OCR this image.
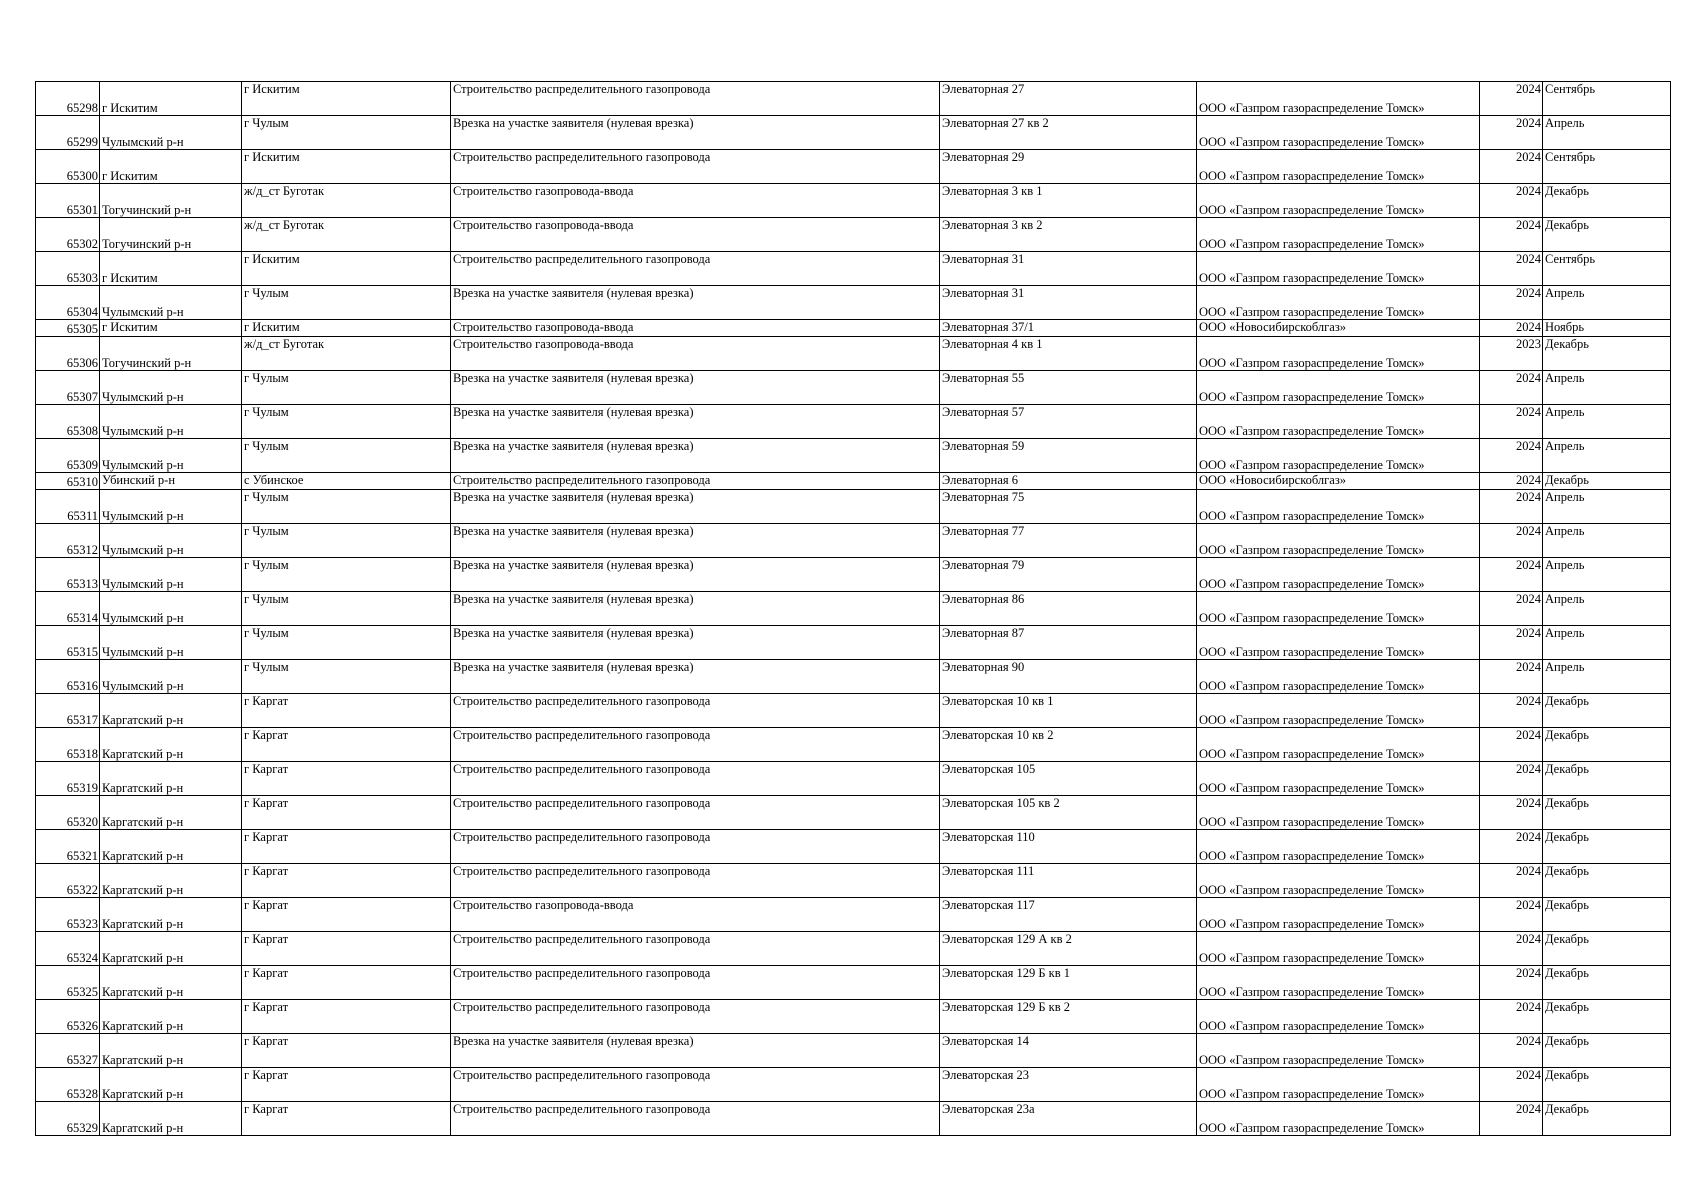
65298	г Искитим	г Искитим	Строительство распределительного газопровода	Элеваторная 27	ООО «Газпром газораспределение Томск»	2024	Сентябрь
65299	Чулымский р-н	г Чулым	Врезка на участке заявителя (нулевая врезка)	Элеваторная 27 кв 2	ООО «Газпром газораспределение Томск»	2024	Апрель
65300	г Искитим	г Искитим	Строительство распределительного газопровода	Элеваторная 29	ООО «Газпром газораспределение Томск»	2024	Сентябрь
65301	Тогучинский р-н	ж/д_ст Буготак	Строительство газопровода-ввода	Элеваторная 3 кв 1	ООО «Газпром газораспределение Томск»	2024	Декабрь
65302	Тогучинский р-н	ж/д_ст Буготак	Строительство газопровода-ввода	Элеваторная 3 кв 2	ООО «Газпром газораспределение Томск»	2024	Декабрь
65303	г Искитим	г Искитим	Строительство распределительного газопровода	Элеваторная 31	ООО «Газпром газораспределение Томск»	2024	Сентябрь
65304	Чулымский р-н	г Чулым	Врезка на участке заявителя (нулевая врезка)	Элеваторная 31	ООО «Газпром газораспределение Томск»	2024	Апрель
65305	г Искитим	г Искитим	Строительство газопровода-ввода	Элеваторная 37/1	ООО «Новосибирскоблгаз»	2024	Ноябрь
65306	Тогучинский р-н	ж/д_ст Буготак	Строительство газопровода-ввода	Элеваторная 4 кв 1	ООО «Газпром газораспределение Томск»	2023	Декабрь
65307	Чулымский р-н	г Чулым	Врезка на участке заявителя (нулевая врезка)	Элеваторная 55	ООО «Газпром газораспределение Томск»	2024	Апрель
65308	Чулымский р-н	г Чулым	Врезка на участке заявителя (нулевая врезка)	Элеваторная 57	ООО «Газпром газораспределение Томск»	2024	Апрель
65309	Чулымский р-н	г Чулым	Врезка на участке заявителя (нулевая врезка)	Элеваторная 59	ООО «Газпром газораспределение Томск»	2024	Апрель
65310	Убинский р-н	с Убинское	Строительство распределительного газопровода	Элеваторная 6	ООО «Новосибирскоблгаз»	2024	Декабрь
65311	Чулымский р-н	г Чулым	Врезка на участке заявителя (нулевая врезка)	Элеваторная 75	ООО «Газпром газораспределение Томск»	2024	Апрель
65312	Чулымский р-н	г Чулым	Врезка на участке заявителя (нулевая врезка)	Элеваторная 77	ООО «Газпром газораспределение Томск»	2024	Апрель
65313	Чулымский р-н	г Чулым	Врезка на участке заявителя (нулевая врезка)	Элеваторная 79	ООО «Газпром газораспределение Томск»	2024	Апрель
65314	Чулымский р-н	г Чулым	Врезка на участке заявителя (нулевая врезка)	Элеваторная 86	ООО «Газпром газораспределение Томск»	2024	Апрель
65315	Чулымский р-н	г Чулым	Врезка на участке заявителя (нулевая врезка)	Элеваторная 87	ООО «Газпром газораспределение Томск»	2024	Апрель
65316	Чулымский р-н	г Чулым	Врезка на участке заявителя (нулевая врезка)	Элеваторная 90	ООО «Газпром газораспределение Томск»	2024	Апрель
65317	Каргатский р-н	г Каргат	Строительство распределительного газопровода	Элеваторская 10 кв 1	ООО «Газпром газораспределение Томск»	2024	Декабрь
65318	Каргатский р-н	г Каргат	Строительство распределительного газопровода	Элеваторская 10 кв 2	ООО «Газпром газораспределение Томск»	2024	Декабрь
65319	Каргатский р-н	г Каргат	Строительство распределительного газопровода	Элеваторская 105	ООО «Газпром газораспределение Томск»	2024	Декабрь
65320	Каргатский р-н	г Каргат	Строительство распределительного газопровода	Элеваторская 105 кв 2	ООО «Газпром газораспределение Томск»	2024	Декабрь
65321	Каргатский р-н	г Каргат	Строительство распределительного газопровода	Элеваторская 110	ООО «Газпром газораспределение Томск»	2024	Декабрь
65322	Каргатский р-н	г Каргат	Строительство распределительного газопровода	Элеваторская 111	ООО «Газпром газораспределение Томск»	2024	Декабрь
65323	Каргатский р-н	г Каргат	Строительство газопровода-ввода	Элеваторская 117	ООО «Газпром газораспределение Томск»	2024	Декабрь
65324	Каргатский р-н	г Каргат	Строительство распределительного газопровода	Элеваторская 129 А кв 2	ООО «Газпром газораспределение Томск»	2024	Декабрь
65325	Каргатский р-н	г Каргат	Строительство распределительного газопровода	Элеваторская 129 Б кв 1	ООО «Газпром газораспределение Томск»	2024	Декабрь
65326	Каргатский р-н	г Каргат	Строительство распределительного газопровода	Элеваторская 129 Б кв 2	ООО «Газпром газораспределение Томск»	2024	Декабрь
65327	Каргатский р-н	г Каргат	Врезка на участке заявителя (нулевая врезка)	Элеваторская 14	ООО «Газпром газораспределение Томск»	2024	Декабрь
65328	Каргатский р-н	г Каргат	Строительство распределительного газопровода	Элеваторская 23	ООО «Газпром газораспределение Томск»	2024	Декабрь
65329	Каргатский р-н	г Каргат	Строительство распределительного газопровода	Элеваторская 23а	ООО «Газпром газораспределение Томск»	2024	Декабрь
